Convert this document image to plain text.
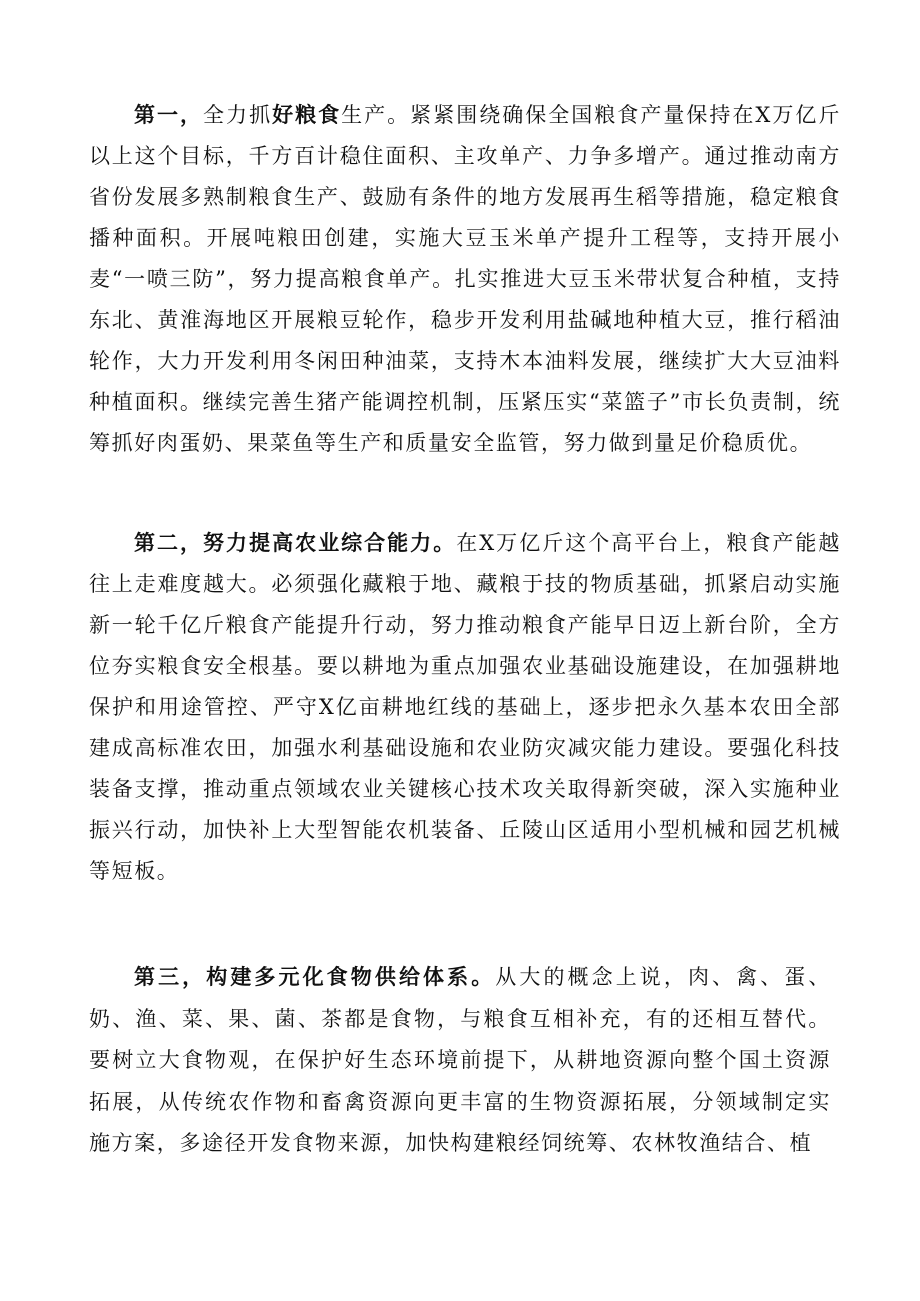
第一，全力抓好粮食生产。紧紧围绕确保全国粮食产量保持在X万亿斤以上这个目标，千方百计稳住面积、主攻单产、力争多增产。通过推动南方省份发展多熟制粮食生产、鼓励有条件的地方发展再生稻等措施，稳定粮食播种面积。开展吨粮田创建，实施大豆玉米单产提升工程等，支持开展小麦“一喷三防”，努力提高粮食单产。扎实推进大豆玉米带状复合种植，支持东北、黄淮海地区开展粮豆轮作，稳步开发利用盐碱地种植大豆，推行稻油轮作，大力开发利用冬闲田种油菜，支持木本油料发展，继续扩大大豆油料种植面积。继续完善生猪产能调控机制，压紧压实“菜篮子”市长负责制，统筹抓好肉蛋奶、果菜鱼等生产和质量安全监管，努力做到量足价稳质优。

第二，努力提高农业综合能力。在X万亿斤这个高平台上，粮食产能越往上走难度越大。必须强化藏粮于地、藏粮于技的物质基础，抓紧启动实施新一轮千亿斤粮食产能提升行动，努力推动粮食产能早日迈上新台阶，全方位夯实粮食安全根基。要以耕地为重点加强农业基础设施建设，在加强耕地保护和用途管控、严守X亿亩耕地红线的基础上，逐步把永久基本农田全部建成高标准农田，加强水利基础设施和农业防灾减灾能力建设。要强化科技装备支撑，推动重点领域农业关键核心技术攻关取得新突破，深入实施种业振兴行动，加快补上大型智能农机装备、丘陵山区适用小型机械和园艺机械等短板。

第三，构建多元化食物供给体系。从大的概念上说，肉、禽、蛋、奶、渔、菜、果、菌、茶都是食物，与粮食互相补充，有的还相互替代。要树立大食物观，在保护好生态环境前提下，从耕地资源向整个国土资源拓展，从传统农作物和畜禽资源向更丰富的生物资源拓展，分领域制定实施方案，多途径开发食物来源，加快构建粮经饲统筹、农林牧渔结合、植
